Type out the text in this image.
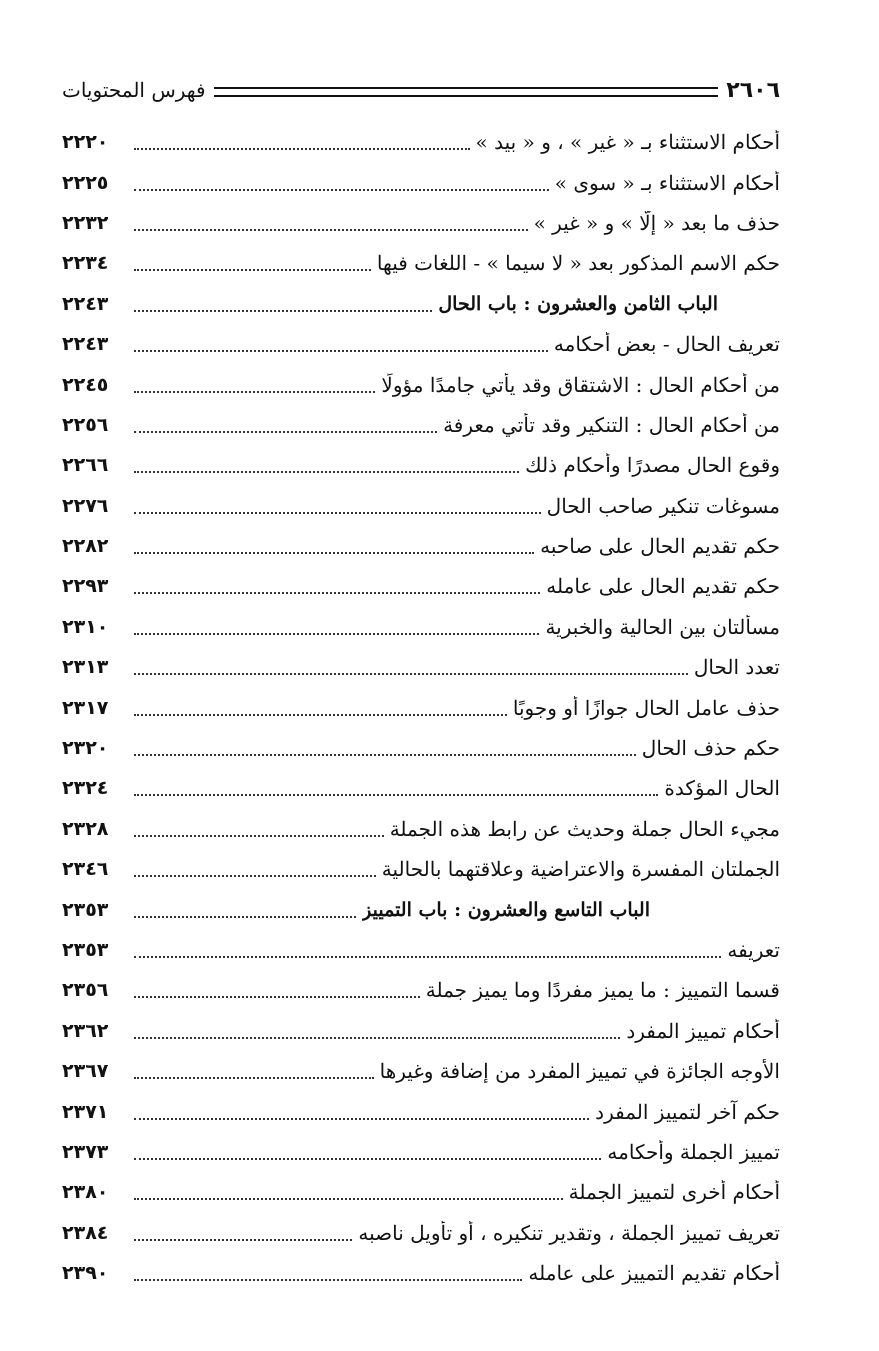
٢٦٠٦
فهرس المحتويات
أحكام الاستثناء بـ « غير » ، و « بيد »
٢٢٢٠
أحكام الاستثناء بـ « سوى »
٢٢٢٥
حذف ما بعد « إلَّا » و « غير »
٢٢٣٢
حكم الاسم المذكور بعد « لا سيما » - اللغات فيها
٢٢٣٤
الباب الثامن والعشرون : باب الحال
٢٢٤٣
تعريف الحال - بعض أحكامه
٢٢٤٣
من أحكام الحال : الاشتقاق وقد يأتي جامدًا مؤولًا
٢٢٤٥
من أحكام الحال : التنكير وقد تأتي معرفة
٢٢٥٦
وقوع الحال مصدرًا وأحكام ذلك
٢٢٦٦
مسوغات تنكير صاحب الحال
٢٢٧٦
حكم تقديم الحال على صاحبه
٢٢٨٢
حكم تقديم الحال على عامله
٢٢٩٣
مسألتان بين الحالية والخبرية
٢٣١٠
تعدد الحال
٢٣١٣
حذف عامل الحال جوازًا أو وجوبًا
٢٣١٧
حكم حذف الحال
٢٣٢٠
الحال المؤكدة
٢٣٢٤
مجيء الحال جملة وحديث عن رابط هذه الجملة
٢٣٢٨
الجملتان المفسرة والاعتراضية وعلاقتهما بالحالية
٢٣٤٦
الباب التاسع والعشرون : باب التمييز
٢٣٥٣
تعريفه
٢٣٥٣
قسما التمييز : ما يميز مفردًا وما يميز جملة
٢٣٥٦
أحكام تمييز المفرد
٢٣٦٢
الأوجه الجائزة في تمييز المفرد من إضافة وغيرها
٢٣٦٧
حكم آخر لتمييز المفرد
٢٣٧١
تمييز الجملة وأحكامه
٢٣٧٣
أحكام أخرى لتمييز الجملة
٢٣٨٠
تعريف تمييز الجملة ، وتقدير تنكيره ، أو تأويل ناصبه
٢٣٨٤
أحكام تقديم التمييز على عامله
٢٣٩٠
